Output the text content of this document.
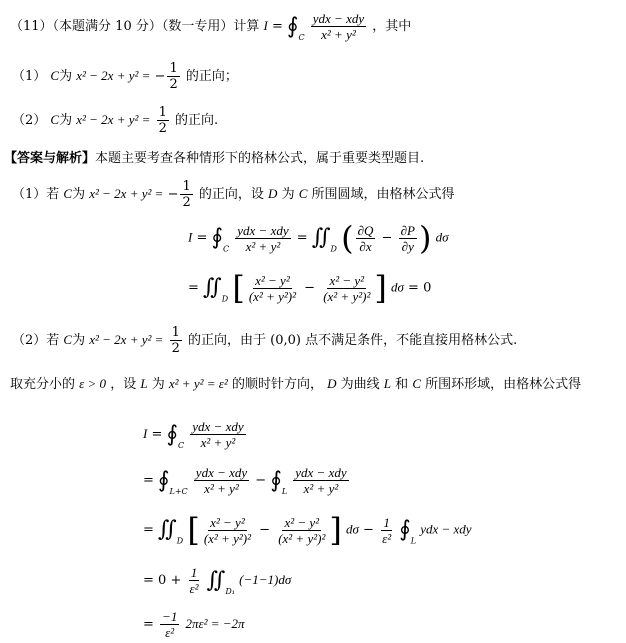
（11）（本题满分 10 分）（数一专用）计算 $I = ∮_C \frac{\text{ydx − xdy}}{\text{x² + y²}}$ ，其中
（1） C为 x² − 2x + y² = − $\frac{1}{2}$ 的正向；
（2） C为 $x^2 - 2x + y^2 = \frac{1}{2}$ 的正向.
【答案与解析】本题主要考查各种情形下的格林公式，属于重要类型题目.
（1）若 C为 x² − 2x + y² = − $\frac{1}{2}$ 的正向，设 D 为 C 所围圆域，由格林公式得
$I = ∮_C \frac{\text{ydx − xdy}}{\text{x² + y²}}$ = $∬_D$ ( $\frac{\partial Q}{\partial x} - \frac{\partial P}{\partial y}$ ) dσ
= $∬_D$ [ $\frac{\text{x² − y²}}{\text{(x² + y²)²}} - \frac{\text{x² − y²}}{\text{(x² + y²)²}}$ ] dσ = 0
（2）若 C为 $x^2 - 2x + y^2 = \frac{1}{2}$ 的正向，由于 (0,0) 点不满足条件，不能直接用格林公式.
取充分小的 ε > 0 ，设 L 为 x² + y² = ε² 的顺时针方向， D 为曲线 L 和 C 所围环形域，由格林公式得
$I = ∮_C \frac{\text{ydx − xdy}}{\text{x² + y²}}$
= $∮_{L+C} \frac{\text{ydx − xdy}}{\text{x² + y²}}$ − $∮_L \frac{\text{ydx − xdy}}{\text{x² + y²}}$
= $∬_D$ [ $\frac{\text{x² − y²}}{\text{(x² + y²)²}} - \frac{\text{x² − y²}}{\text{(x² + y²)²}}$ ] $d\sigma - \frac{1}{\text{ε²}}$ $∮_L$ ydx − xdy
= $0 + \frac{1}{\text{ε²}}$ $∬_{D_1}$ (−1−1)dσ
= $\frac{-1}{\text{ε²}} 2\pi\varepsilon^2 = -2\pi$
